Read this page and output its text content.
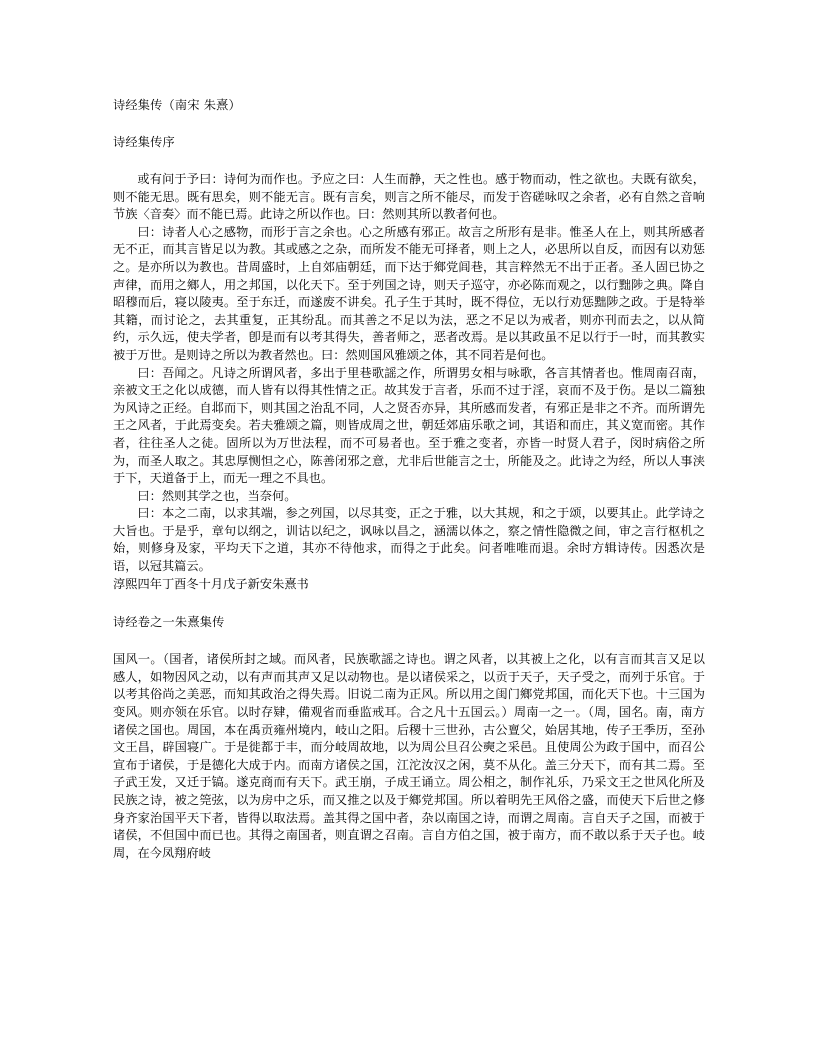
诗经集传（南宋 朱熹）
诗经集传序

或有问于予曰：诗何为而作也。予应之曰：人生而静，天之性也。感于物而动，性之欲也。夫既有欲矣，则不能无思。既有思矣，则不能无言。既有言矣，则言之所不能尽，而发于咨磋咏叹之余者，必有自然之音响节族〈音奏〉而不能已焉。此诗之所以作也。曰：然则其所以教者何也。

曰：诗者人心之感物，而形于言之余也。心之所感有邪正。故言之所形有是非。惟圣人在上，则其所感者无不正，而其言皆足以为教。其或感之之杂，而所发不能无可择者，则上之人，必思所以自反，而因有以劝惩之。是亦所以为教也。昔周盛时，上自郊庙朝廷，而下达于鄉党闾巷，其言粹然无不出于正者。圣人固已协之声律，而用之鄉人，用之邦国，以化天下。至于列国之诗，则天子巡守，亦必陈而观之，以行黜陟之典。降自昭穆而后，寝以陵夷。至于东迁，而遂废不讲矣。孔子生于其时，既不得位，无以行劝惩黜陟之政。于是特举其籍，而讨论之，去其重复，正其纷乱。而其善之不足以为法，恶之不足以为戒者，则亦刊而去之，以从简约，示久远，使夫学者，卽是而有以考其得失，善者师之，恶者改焉。是以其政虽不足以行于一时，而其教实被于万世。是则诗之所以为教者然也。曰：然则国风雅颂之体，其不同若是何也。

曰：吾闻之。凡诗之所谓风者，多出于里巷歌謡之作，所谓男女相与咏歌，各言其情者也。惟周南召南，亲被文王之化以成德，而人皆有以得其性情之正。故其发于言者，乐而不过于淫，哀而不及于伤。是以二篇独为风诗之正经。自邶而下，则其国之治乱不同，人之贤否亦异，其所感而发者，有邪正是非之不齐。而所谓先王之风者，于此焉变矣。若夫雅颂之篇，则皆成周之世，朝廷郊庙乐歌之词，其语和而庄，其义宽而密。其作者，往往圣人之徒。固所以为万世法程，而不可易者也。至于雅之变者，亦皆一时贤人君子，闵时病俗之所为，而圣人取之。其忠厚恻怛之心，陈善闭邪之意，尤非后世能言之士，所能及之。此诗之为经，所以人事浃于下，天道备于上，而无一理之不具也。

曰：然则其学之也，当奈何。

曰：本之二南，以求其端，参之列国，以尽其变，正之于雅，以大其规，和之于颂，以要其止。此学诗之大旨也。于是乎，章句以纲之，训诂以纪之，讽咏以昌之，涵濡以体之，察之情性隐微之间，审之言行枢机之始，则修身及家，平均天下之道，其亦不待他求，而得之于此矣。问者唯唯而退。余时方辑诗传。因悉次是语，以冠其篇云。

淳熙四年丁酉冬十月戊子新安朱熹书

诗经卷之一朱熹集传

国风一。（国者，诸侯所封之域。而风者，民族歌謡之诗也。谓之风者，以其被上之化，以有言而其言又足以感人，如物因风之动，以有声而其声又足以动物也。是以诸侯采之，以贡于天子，天子受之，而列于乐官。于以考其俗尚之美恶，而知其政治之得失焉。旧说二南为正风。所以用之闺门鄉党邦国，而化天下也。十三国为变风。则亦领在乐官。以时存肄，備观省而垂监戒耳。合之凡十五国云。）周南一之一。（周，国名。南，南方诸侯之国也。周国，本在禹贡雍州境内，岐山之阳。后稷十三世孙，古公亶父，始居其地，传子王季历，至孙文王昌，辟国寝广。于是徙都于丰，而分岐周故地，以为周公旦召公奭之采邑。且使周公为政于国中，而召公宣布于诸侯，于是德化大成于内。而南方诸侯之国，江沱汝汉之闲，莫不从化。盖三分天下，而有其二焉。至子武王发，又迁于镐。遂克商而有天下。武王崩，子成王诵立。周公相之，制作礼乐，乃采文王之世风化所及民族之诗，被之筦弦，以为房中之乐，而又推之以及于鄉党邦国。所以着明先王风俗之盛，而使天下后世之修身齐家治国平天下者，皆得以取法焉。盖其得之国中者，杂以南国之诗，而谓之周南。言自天子之国，而被于诸侯，不但国中而已也。其得之南国者，则直谓之召南。言自方伯之国，被于南方，而不敢以系于天子也。岐周，在今凤翔府岐
